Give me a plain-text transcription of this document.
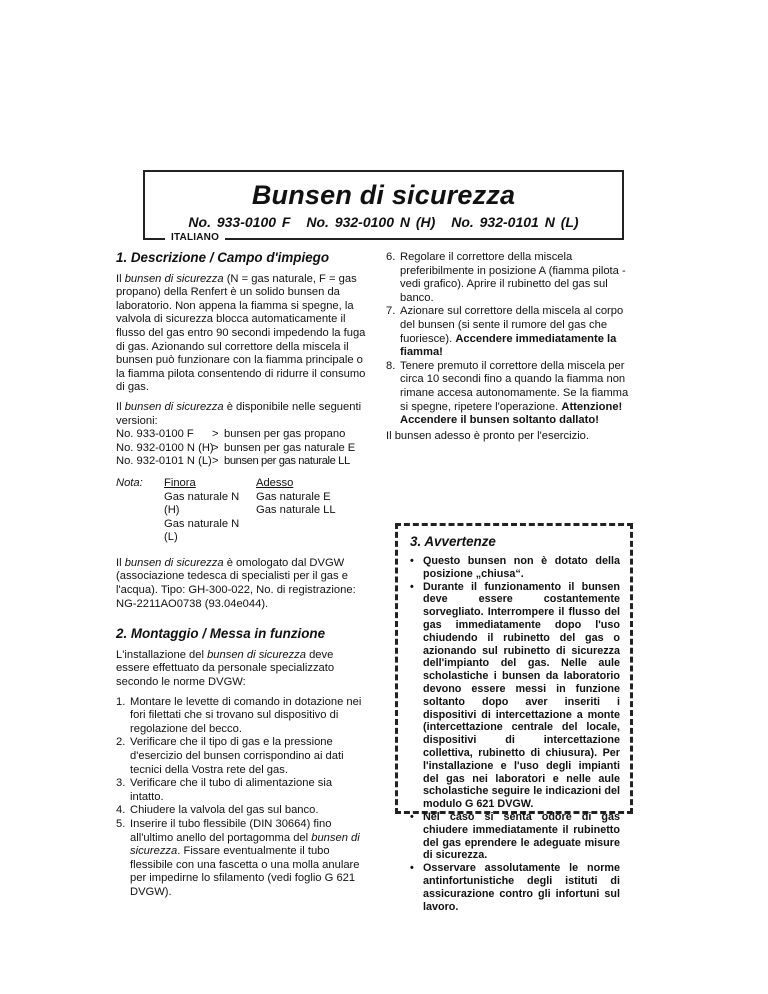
Bunsen di sicurezza
No. 933-0100 F No. 932-0100 N (H) No. 932-0101 N (L)
ITALIANO
1. Descrizione / Campo d'impiego

Il bunsen di sicurezza (N = gas naturale, F = gas propano) della Renfert è un solido bunsen da laboratorio. Non appena la fiamma si spegne, la valvola di sicurezza blocca automaticamente il flusso del gas entro 90 secondi impedendo la fuga di gas. Azionando sul correttore della miscela il bunsen può funzionare con la fiamma principale o la fiamma pilota consentendo di ridurre il consumo di gas.

Il bunsen di sicurezza è disponibile nelle seguenti versioni:

No. 933-0100 F	> bunsen per gas propano
No. 932-0100 N (H)
> bunsen per gas naturale E
No. 932-0101 N (L) > bunsen per gas naturale LL
Nota:	Finora
Gas naturale N (H)
Gas naturale N (L)
Adesso
Gas naturale E
Gas naturale LL

Il bunsen di sicurezza è omologato dal DVGW (associazione tedesca di specialisti per il gas e l'acqua). Tipo: GH-300-022, No. di registrazione: NG-2211AO0738 (93.04e044).

2. Montaggio / Messa in funzione

L'installazione del bunsen di sicurezza deve essere effettuato da personale specializzato secondo le norme DVGW:

1. Montare le levette di comando in dotazione nei fori filettati che si trovano sul dispositivo di regolazione del becco.
2. Verificare che il tipo di gas e la pressione d'esercizio del bunsen corrispondino ai dati tecnici della Vostra rete del gas.
3. Verificare che il tubo di alimentazione sia intatto.
4. Chiudere la valvola del gas sul banco.
5. Inserire il tubo flessibile (DIN 30664) fino all'ultimo anello del portagomma del bunsen di sicurezza. Fissare eventualmente il tubo flessibile con una fascetta o una molla anulare per impedirne lo sfilamento (vedi foglio G 621 DVGW).
6. Regolare il correttore della miscela preferibilmente in posizione A (fiamma pilota - vedi grafico). Aprire il rubinetto del gas sul banco.
7. Azionare sul correttore della miscela al corpo del bunsen (si sente il rumore del gas che fuoriesce). Accendere immediatamente la fiamma!
8. Tenere premuto il correttore della miscela per circa 10 secondi fino a quando la fiamma non rimane accesa autonomamente. Se la fiamma si spegne, ripetere l'operazione. Attenzione! Accendere il bunsen soltanto dallato!

Il bunsen adesso è pronto per l'esercizio.

3. Avvertenze
• Questo bunsen non è dotato della posizione „chiusa“.
• Durante il funzionamento il bunsen deve essere costantemente sorvegliato. Interrompere il flusso del gas immediatamente dopo l'uso chiudendo il rubinetto del gas o azionando sul rubinetto di sicurezza dell'impianto del gas. Nelle aule scholastiche i bunsen da laboratorio devono essere messi in funzione soltanto dopo aver inseriti i dispositivi di intercettazione a monte (intercettazione centrale del locale, dispositivi di intercettazione collettiva, rubinetto di chiusura). Per l'installazione e l'uso degli impianti del gas nei laboratori e nelle aule scholastiche seguire le indicazioni del modulo G 621 DVGW.
• Nel caso si senta odore di gas chiudere immediatamente il rubinetto del gas eprendere le adeguate misure di sicurezza.
• Osservare assolutamente le norme antinfortunistiche degli istituti di assicurazione contro gli infortuni sul lavoro.
